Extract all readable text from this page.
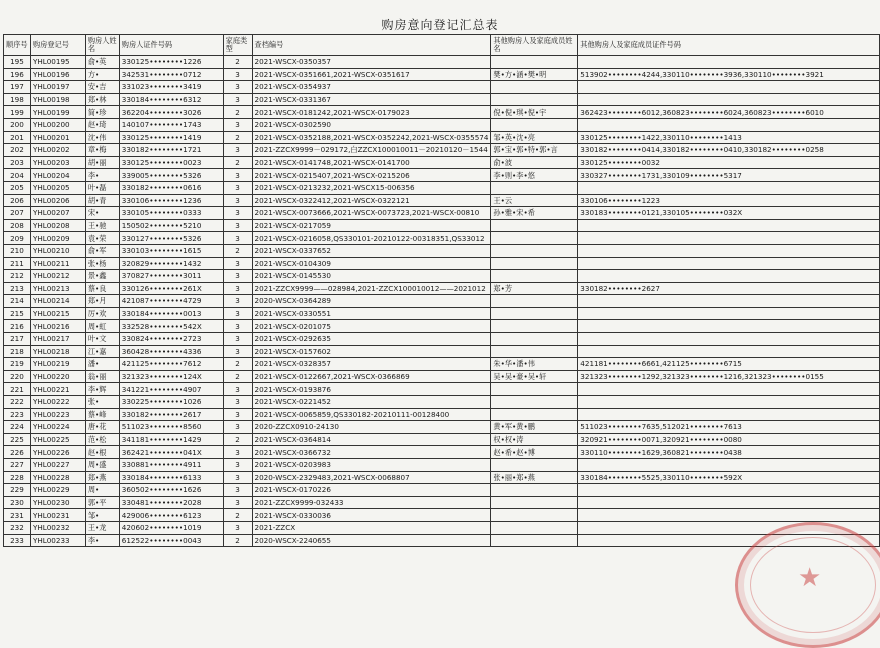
购房意向登记汇总表
顺序号	购房登记号	购房人姓名	购房人证件号码	家庭类型	查档编号	其他购房人及家庭成员姓名	其他购房人及家庭成员证件号码
195	YHL00195	俞•英	330125••••••••1226	2	2021-WSCX-0350357		
196	YHL00196	方•	342531••••••••0712	3	2021-WSCX-0351661,2021-WSCX-0351617	樊•方•涵•樊•明	513902••••••••4244,330110••••••••3936,330110••••••••3921
197	YHL00197	安•吉	331023••••••••3419	3	2021-WSCX-0354937		
198	YHL00198	郑•林	330184••••••••6312	3	2021-WSCX-0331367		
199	YHL00199	简•珍	362204••••••••3026	2	2021-WSCX-0181242,2021-WSCX-0179023	倪•倪•琪•倪•宇	362423••••••••6012,360823••••••••6024,360823••••••••6010
200	YHL00200	赵•琦	140107••••••••1743	3	2021-WSCX-0302590		
201	YHL00201	沈•伟	330125••••••••1419	2	2021-WSCX-0352188,2021-WSCX-0352242,2021-WSCX-0355574	邹•英•沈•亮	330125••••••••1422,330110••••••••1413
202	YHL00202	章•梅	330182••••••••1721	3	2021-ZZCX9999－029172,白ZZCX100010011－20210120－1544	郭•宝•郭•特•郭•言	330182••••••••0414,330182••••••••0410,330182••••••••0258
203	YHL00203	胡•丽	330125••••••••0023	2	2021-WSCX-0141748,2021-WSCX-0141700	俞•波	330125••••••••0032
204	YHL00204	李•	339005••••••••5326	3	2021-WSCX-0215407,2021-WSCX-0215206	李•则•李•悠	330327••••••••1731,330109••••••••5317
205	YHL00205	叶•磊	330182••••••••0616	3	2021-WSCX-0213232,2021-WSCX15-006356		
206	YHL00206	胡•青	330106••••••••1236	3	2021-WSCX-0322412,2021-WSCX-0322121	王•云	330106••••••••1223
207	YHL00207	宋•	330105••••••••0333	3	2021-WSCX-0073666,2021-WSCX-0073723,2021-WSCX-00810	孙•雅•宋•希	330183••••••••0121,330105••••••••032X
208	YHL00208	王•驰	150502••••••••5210	3	2021-WSCX-0217059		
209	YHL00209	袁•荣	330127••••••••5326	3	2021-WSCX-0216058,QS330101-20210122-00318351,QS33012		
210	YHL00210	俞•军	330103••••••••1615	2	2021-WSCX-0337652		
211	YHL00211	张•杨	320829••••••••1432	3	2021-WSCX-0104309		
212	YHL00212	景•鑫	370827••••••••3011	3	2021-WSCX-0145530		
213	YHL00213	蔡•良	330126••••••••261X	3	2021-ZZCX9999——028984,2021-ZZCX100010012——2021012	郑•芳	330182••••••••2627
214	YHL00214	郑•月	421087••••••••4729	3	2020-WSCX-0364289		
215	YHL00215	厉•欢	330184••••••••0013	3	2021-WSCX-0330551		
216	YHL00216	周•虹	332528••••••••542X	3	2021-WSCX-0201075		
217	YHL00217	叶•文	330824••••••••2723	3	2021-WSCX-0292635		
218	YHL00218	江•嘉	360428••••••••4336	3	2021-WSCX-0157602		
219	YHL00219	潘•	421125••••••••7612	2	2021-WSCX-0328357	朱•华•潘•伟	421181••••••••6661,421125••••••••6715
220	YHL00220	翁•丽	321323••••••••124X	2	2021-WSCX-0122667,2021-WSCX-0366869	吴•吴•豪•吴•轩	321323••••••••1292,321323••••••••1216,321323••••••••0155
221	YHL00221	李•辉	341221••••••••4907	3	2021-WSCX-0193876		
222	YHL00222	张•	330225••••••••1026	3	2021-WSCX-0221452		
223	YHL00223	蔡•峰	330182••••••••2617	3	2021-WSCX-0065859,QS330182-20210111-00128400		
224	YHL00224	唐•花	511023••••••••8560	3	2020-ZZCX0910-24130	黄•军•黄•鹏	511023••••••••7635,512021••••••••7613
225	YHL00225	范•松	341181••••••••1429	2	2021-WSCX-0364814	权•权•涛	320921••••••••0071,320921••••••••0080
226	YHL00226	赵•根	362421••••••••041X	3	2021-WSCX-0366732	赵•希•赵•博	330110••••••••1629,360821••••••••0438
227	YHL00227	周•盛	330881••••••••4911	3	2021-WSCX-0203983		
228	YHL00228	郑•燕	330184••••••••6133	3	2020-WSCX-2329483,2021-WSCX-0068807	张•丽•郑•燕	330184••••••••5525,330110••••••••592X
229	YHL00229	周•	360502••••••••1626	3	2021-WSCX-0170226		
230	YHL00230	郭•平	330481••••••••2028	3	2021-ZZCX9999-032433		
231	YHL00231	邹•	429006••••••••6123	2	2021-WSCX-0330036		
232	YHL00232	王•龙	420602••••••••1019	3	2021-ZZCX		
233	YHL00233	李•	612522••••••••0043	2	2020-WSCX-2240655		
★
